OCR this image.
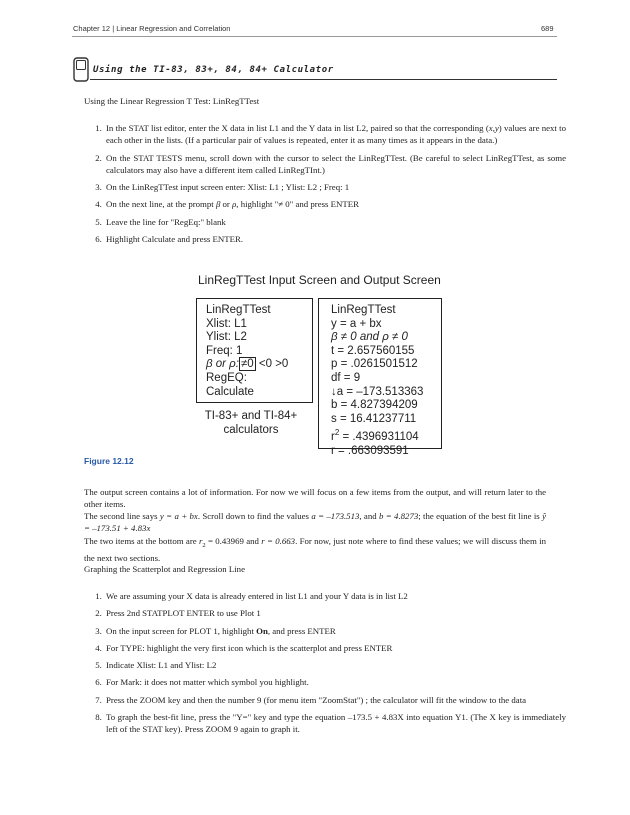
Chapter 12 | Linear Regression and Correlation	689
Using the TI-83, 83+, 84, 84+ Calculator
Using the Linear Regression T Test: LinRegTTest
1. In the STAT list editor, enter the X data in list L1 and the Y data in list L2, paired so that the corresponding (x,y) values are next to each other in the lists. (If a particular pair of values is repeated, enter it as many times as it appears in the data.)
2. On the STAT TESTS menu, scroll down with the cursor to select the LinRegTTest. (Be careful to select LinRegTTest, as some calculators may also have a different item called LinRegTInt.)
3. On the LinRegTTest input screen enter: Xlist: L1 ; Ylist: L2 ; Freq: 1
4. On the next line, at the prompt β or ρ, highlight "≠ 0" and press ENTER
5. Leave the line for "RegEq:" blank
6. Highlight Calculate and press ENTER.
LinRegTTest Input Screen and Output Screen
LinRegTTest
Xlist: L1
Ylist: L2
Freq: 1
β or ρ: ≠0 <0 >0
RegEQ:
Calculate
TI-83+ and TI-84+ calculators
LinRegTTest
y = a + bx
β ≠ 0 and ρ ≠ 0
t = 2.657560155
p = .0261501512
df = 9
↓a = –173.513363
b = 4.827394209
s = 16.41237711
$r^2 = .4396931104$
r = .663093591
Figure 12.12
The output screen contains a lot of information. For now we will focus on a few items from the output, and will return later to the other items.
The second line says y = a + bx. Scroll down to find the values a = –173.513, and b = 4.8273; the equation of the best fit line is ŷ = –173.51 + 4.83x
The two items at the bottom are $r_2 = 0.43969$ and r = 0.663. For now, just note where to find these values; we will discuss them in the next two sections.
Graphing the Scatterplot and Regression Line
1. We are assuming your X data is already entered in list L1 and your Y data is in list L2
2. Press 2nd STATPLOT ENTER to use Plot 1
3. On the input screen for PLOT 1, highlight On, and press ENTER
4. For TYPE: highlight the very first icon which is the scatterplot and press ENTER
5. Indicate Xlist: L1 and Ylist: L2
6. For Mark: it does not matter which symbol you highlight.
7. Press the ZOOM key and then the number 9 (for menu item "ZoomStat") ; the calculator will fit the window to the data
8. To graph the best-fit line, press the "Y=" key and type the equation –173.5 + 4.83X into equation Y1. (The X key is immediately left of the STAT key). Press ZOOM 9 again to graph it.
